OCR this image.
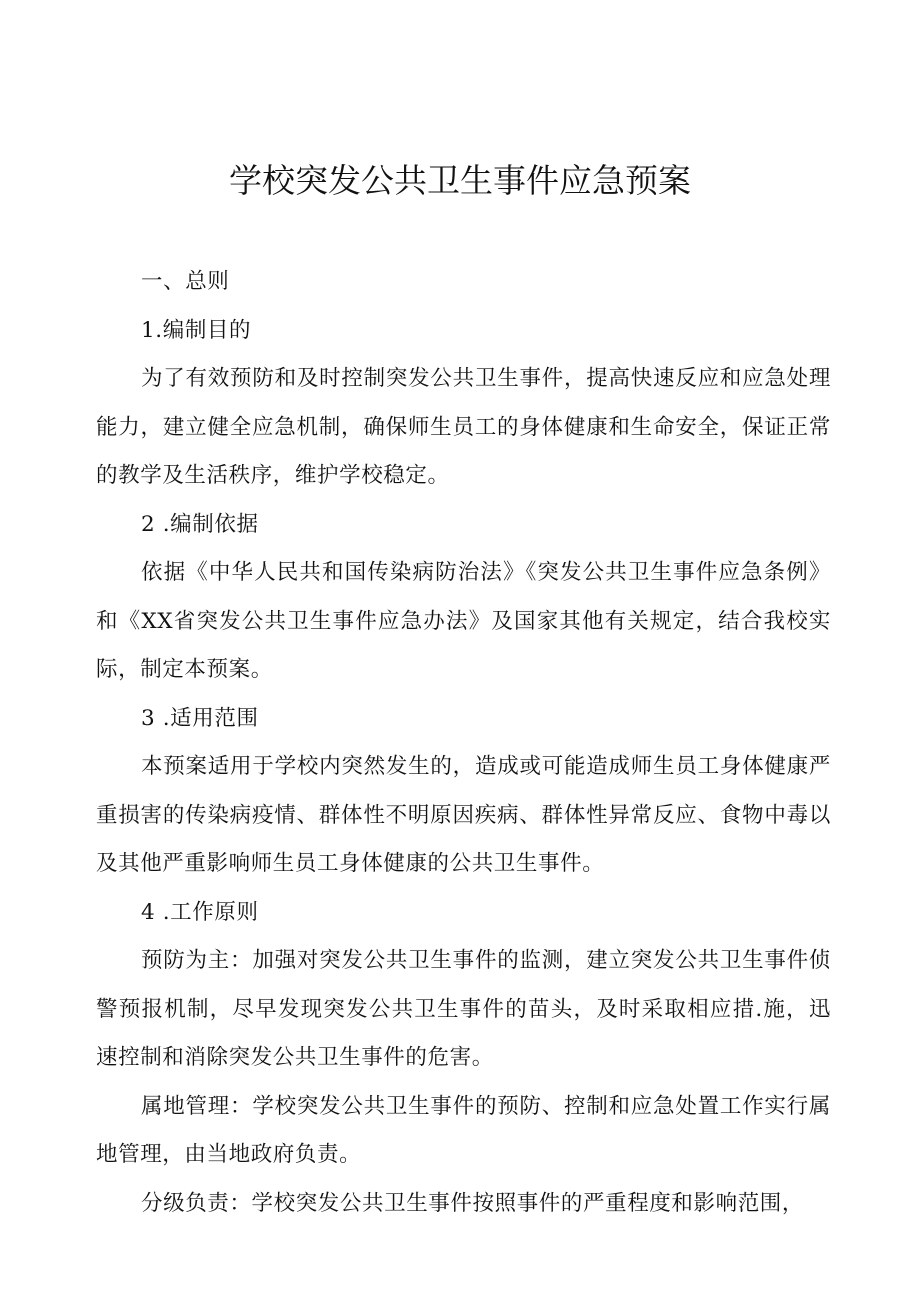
学校突发公共卫生事件应急预案

一、总则

1.编制目的

为了有效预防和及时控制突发公共卫生事件，提高快速反应和应急处理能力，建立健全应急机制，确保师生员工的身体健康和生命安全，保证正常的教学及生活秩序，维护学校稳定。

2 .编制依据

依据《中华人民共和国传染病防治法》《突发公共卫生事件应急条例》和《XX省突发公共卫生事件应急办法》及国家其他有关规定，结合我校实际，制定本预案。

3 .适用范围

本预案适用于学校内突然发生的，造成或可能造成师生员工身体健康严重损害的传染病疫情、群体性不明原因疾病、群体性异常反应、食物中毒以及其他严重影响师生员工身体健康的公共卫生事件。

4 .工作原则

预防为主：加强对突发公共卫生事件的监测，建立突发公共卫生事件侦警预报机制，尽早发现突发公共卫生事件的苗头，及时采取相应措.施，迅速控制和消除突发公共卫生事件的危害。

属地管理：学校突发公共卫生事件的预防、控制和应急处置工作实行属地管理，由当地政府负责。

分级负责：学校突发公共卫生事件按照事件的严重程度和影响范围，
